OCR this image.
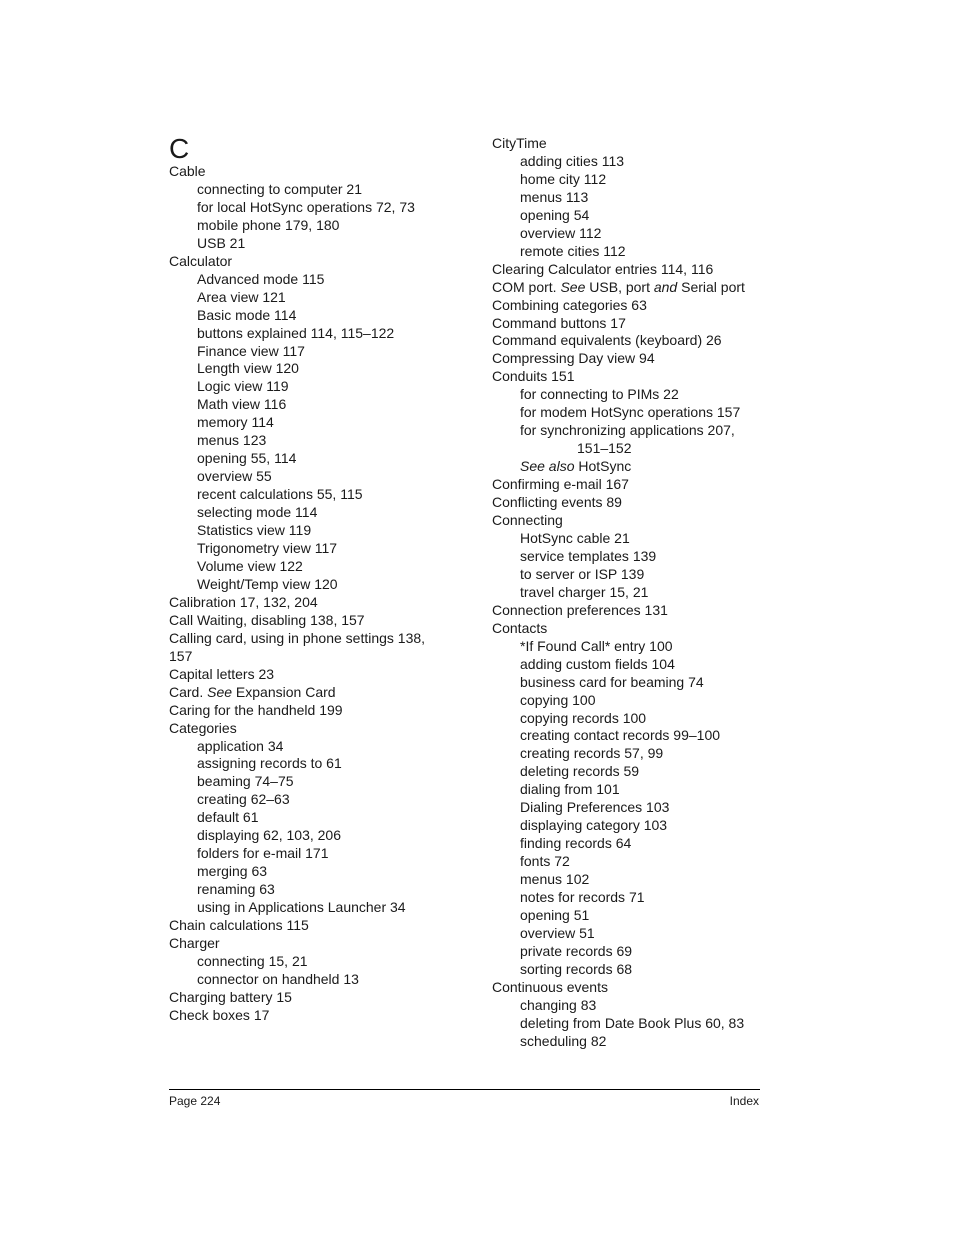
C
Cable
connecting to computer 21
for local HotSync operations 72, 73
mobile phone 179, 180
USB 21
Calculator
Advanced mode 115
Area view 121
Basic mode 114
buttons explained 114, 115–122
Finance view 117
Length view 120
Logic view 119
Math view 116
memory 114
menus 123
opening 55, 114
overview 55
recent calculations 55, 115
selecting mode 114
Statistics view 119
Trigonometry view 117
Volume view 122
Weight/Temp view 120
Calibration 17, 132, 204
Call Waiting, disabling 138, 157
Calling card, using in phone settings 138,
157
Capital letters 23
Card. See Expansion Card
Caring for the handheld 199
Categories
application 34
assigning records to 61
beaming 74–75
creating 62–63
default 61
displaying 62, 103, 206
folders for e-mail 171
merging 63
renaming 63
using in Applications Launcher 34
Chain calculations 115
Charger
connecting 15, 21
connector on handheld 13
Charging battery 15
Check boxes 17
CityTime
adding cities 113
home city 112
menus 113
opening 54
overview 112
remote cities 112
Clearing Calculator entries 114, 116
COM port. See USB, port and Serial port
Combining categories 63
Command buttons 17
Command equivalents (keyboard) 26
Compressing Day view 94
Conduits 151
for connecting to PIMs 22
for modem HotSync operations 157
for synchronizing applications 207,
151–152
See also HotSync
Confirming e-mail 167
Conflicting events 89
Connecting
HotSync cable 21
service templates 139
to server or ISP 139
travel charger 15, 21
Connection preferences 131
Contacts
*If Found Call* entry 100
adding custom fields 104
business card for beaming 74
copying 100
copying records 100
creating contact records 99–100
creating records 57, 99
deleting records 59
dialing from 101
Dialing Preferences 103
displaying category 103
finding records 64
fonts 72
menus 102
notes for records 71
opening 51
overview 51
private records 69
sorting records 68
Continuous events
changing 83
deleting from Date Book Plus 60, 83
scheduling 82
Page 224	Index
